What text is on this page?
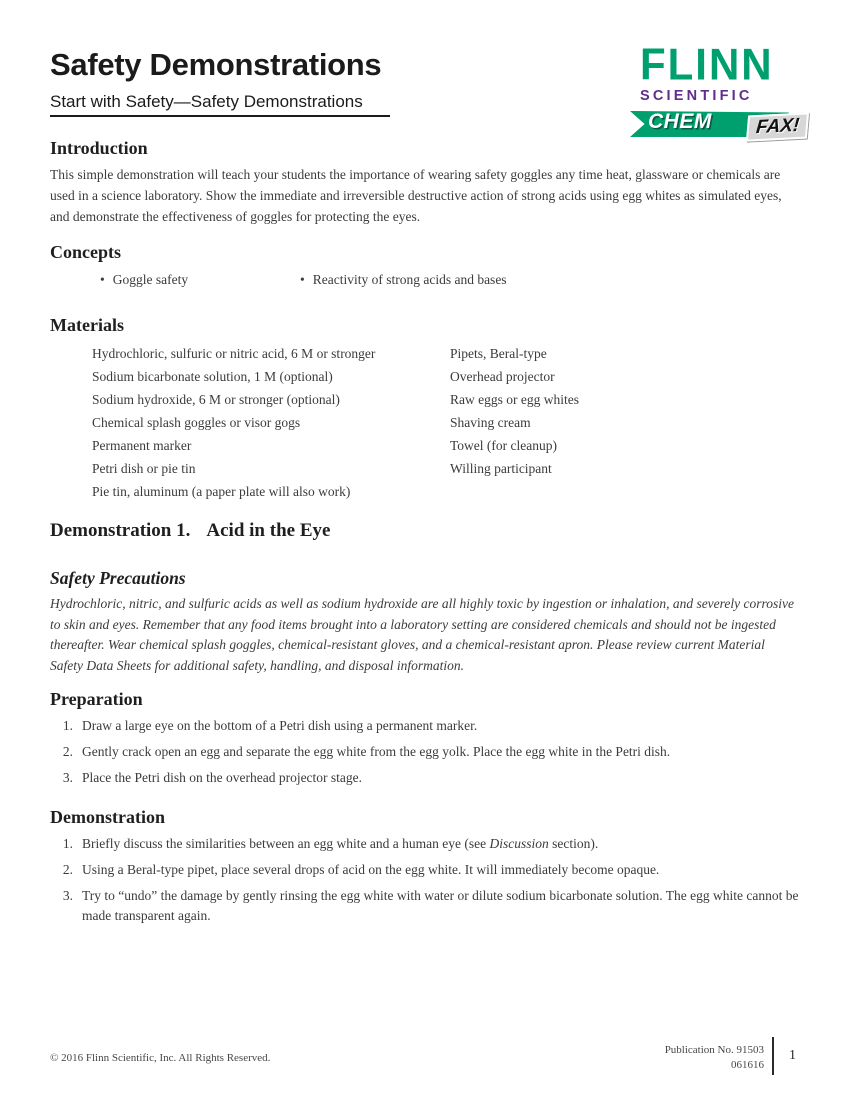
FLINN
SCIENTIFIC
CHEM	FAX!
Safety Demonstrations
Start with Safety—Safety Demonstrations
Introduction

This simple demonstration will teach your students the importance of wearing safety goggles any time heat, glassware or chemicals are used in a science laboratory. Show the immediate and irreversible destructive action of strong acids using egg whites as simulated eyes, and demonstrate the effectiveness of goggles for protecting the eyes.

Concepts
• Goggle safety	• Reactivity of strong acids and bases
Materials
Hydrochloric, sulfuric or nitric acid, 6 M or stronger
Sodium bicarbonate solution, 1 M (optional)
Sodium hydroxide, 6 M or stronger (optional)
Chemical splash goggles or visor gogs
Permanent marker
Petri dish or pie tin
Pie tin, aluminum (a paper plate will also work)
Pipets, Beral-type
Overhead projector
Raw eggs or egg whites
Shaving cream
Towel (for cleanup)
Willing participant
Demonstration 1. Acid in the Eye
Safety Precautions

Hydrochloric, nitric, and sulfuric acids as well as sodium hydroxide are all highly toxic by ingestion or inhalation, and severely corrosive to skin and eyes. Remember that any food items brought into a laboratory setting are considered chemicals and should not be ingested thereafter. Wear chemical splash goggles, chemical-resistant gloves, and a chemical-resistant apron. Please review current Material Safety Data Sheets for additional safety, handling, and disposal information.

Preparation
1. Draw a large eye on the bottom of a Petri dish using a permanent marker.
2. Gently crack open an egg and separate the egg white from the egg yolk. Place the egg white in the Petri dish.
3. Place the Petri dish on the overhead projector stage.
Demonstration
1. Briefly discuss the similarities between an egg white and a human eye (see Discussion section).
2. Using a Beral-type pipet, place several drops of acid on the egg white. It will immediately become opaque.
3. Try to “undo” the damage by gently rinsing the egg white with water or dilute sodium bicarbonate solution. The egg white cannot be made transparent again.
© 2016 Flinn Scientific, Inc. All Rights Reserved.
Publication No. 91503
061616
1
